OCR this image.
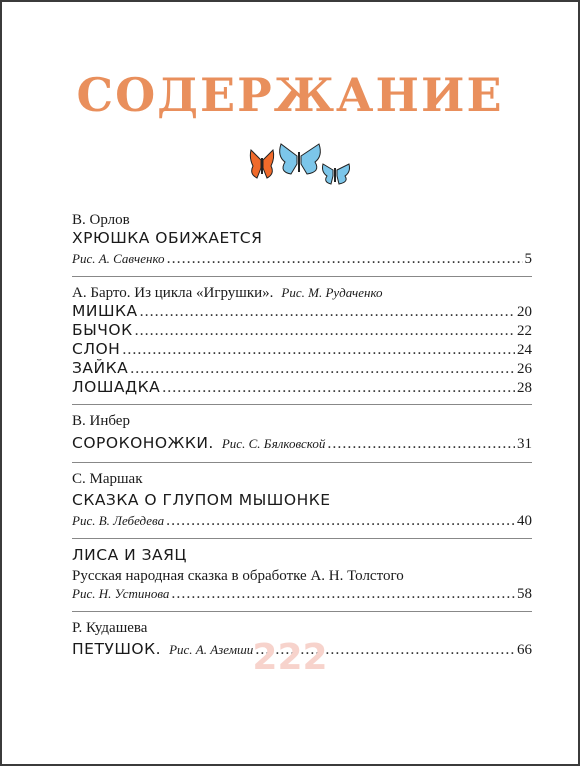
СОДЕРЖАНИЕ
В. Орлов
ХРЮШКА ОБИЖАЕТСЯ
Рис. А. Савченко .....	5
А. Барто. Из цикла «Игрушки». Рис. М. Рудаченко
МИШКА .....	20
БЫЧОК .....	22
СЛОН .....	24
ЗАЙКА .....	26
ЛОШАДКА .....	28
В. Инбер
СОРОКОНОЖКИ. Рис. С. Бялковской .....	31
С. Маршак
СКАЗКА О ГЛУПОМ МЫШОНКЕ
Рис. В. Лебедева .....	40
ЛИСА И ЗАЯЦ
Русская народная сказка в обработке А. Н. Толстого
Рис. Н. Устинова .....	58
Р. Кудашева
ПЕТУШОК. Рис. А. Аземши .....	66
222
